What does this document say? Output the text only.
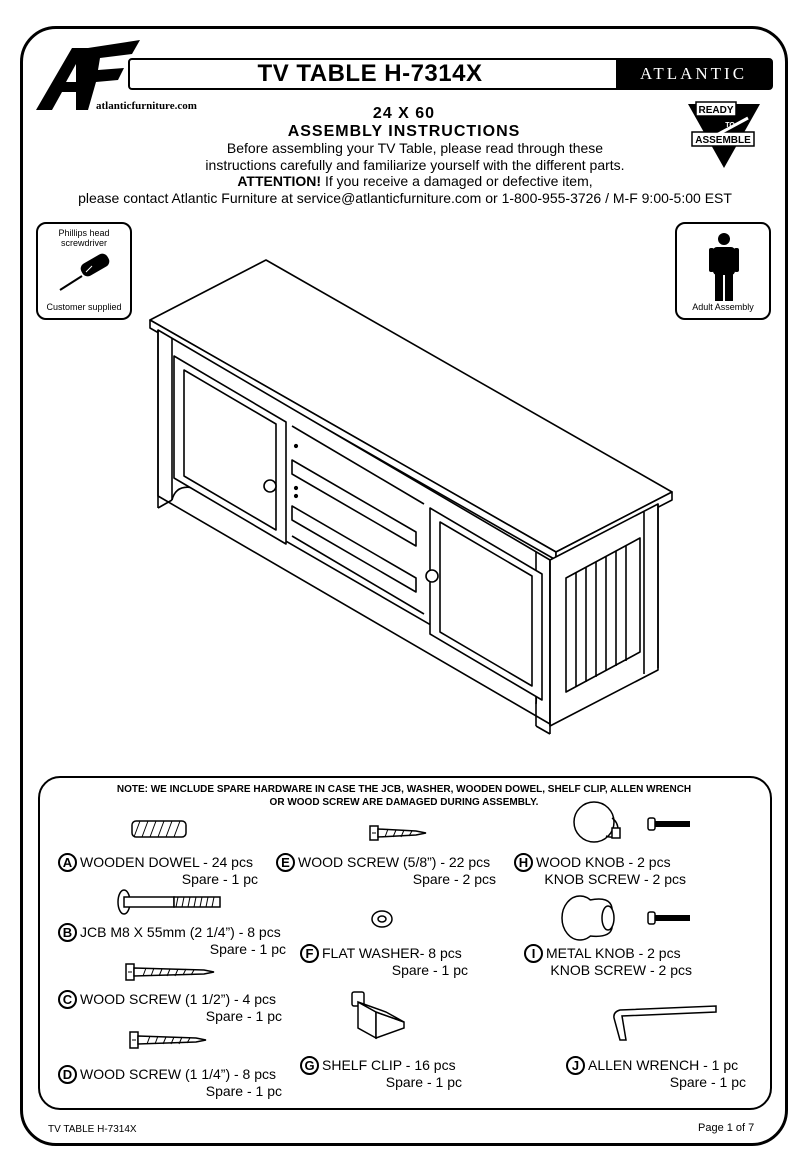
atlanticfurniture.com
TV TABLE H-7314X	ATLANTIC
READY
TO
ASSEMBLE
24 X 60
ASSEMBLY INSTRUCTIONS
Before assembling your TV Table, please read through these
instructions carefully and familiarize yourself with the different parts.
ATTENTION! If you receive a damaged or defective item,
please contact Atlantic Furniture at service@atlanticfurniture.com or 1-800-955-3726 / M-F 9:00-5:00 EST
Phillips head
screwdriver
Customer supplied	Adult Assembly
NOTE: WE INCLUDE SPARE HARDWARE IN CASE THE JCB, WASHER, WOODEN DOWEL, SHELF CLIP, ALLEN WRENCH
OR WOOD SCREW ARE DAMAGED DURING ASSEMBLY.
A WOODEN DOWEL - 24 pcs
Spare - 1 pc
B JCB M8 X 55mm (2 1/4”) - 8 pcs
Spare - 1 pc
C WOOD SCREW (1 1/2”) - 4 pcs
Spare - 1 pc
D WOOD SCREW (1 1/4”) - 8 pcs
Spare - 1 pc
E WOOD SCREW (5/8”) - 22 pcs
Spare - 2 pcs
F FLAT WASHER- 8 pcs
Spare - 1 pc
G SHELF CLIP - 16 pcs
Spare - 1 pc
H WOOD KNOB - 2 pcs
KNOB SCREW - 2 pcs
I METAL KNOB - 2 pcs
KNOB SCREW - 2 pcs
J ALLEN WRENCH - 1 pc
Spare - 1 pc
TV TABLE H-7314X	Page 1 of 7
